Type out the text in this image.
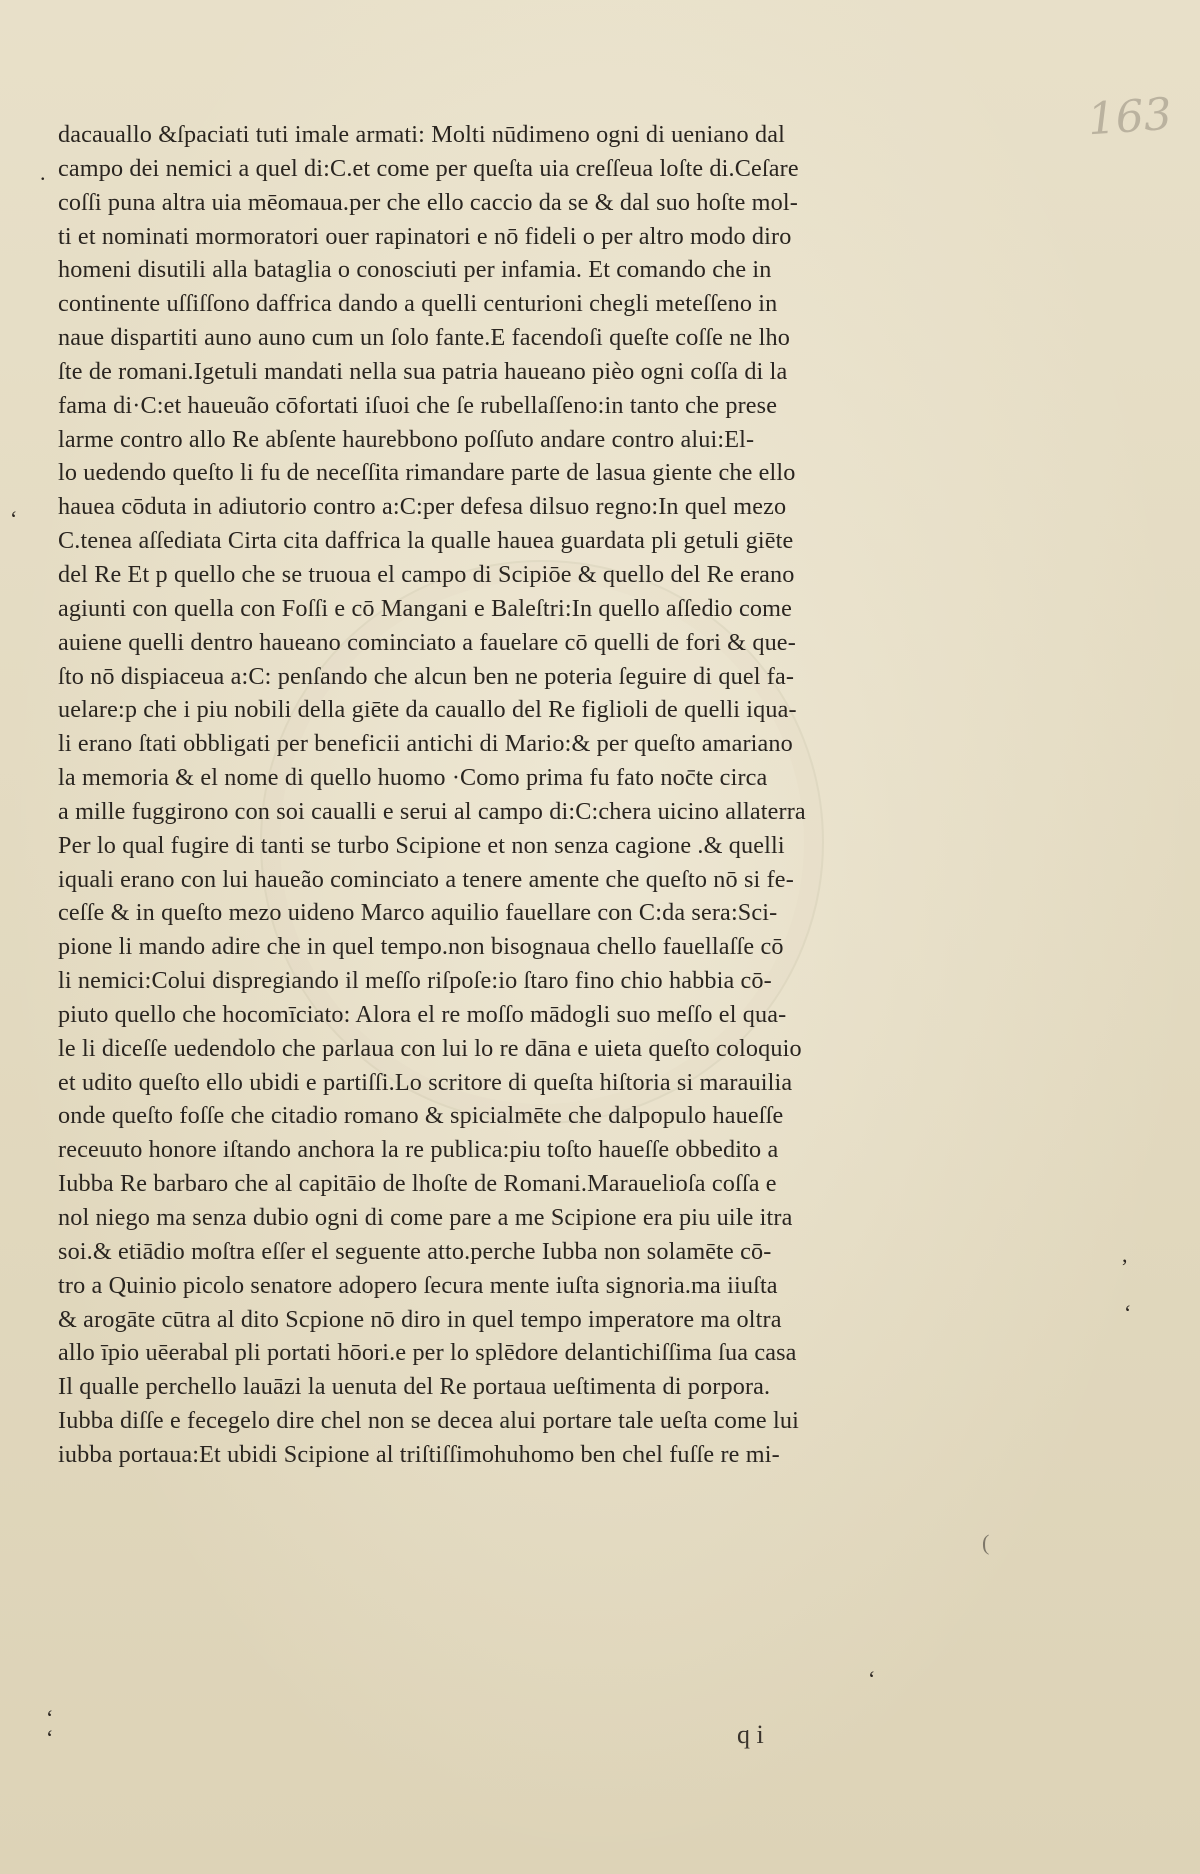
163
.
‘
‘
‘
,
‘
(
‘
dacauallo &ſpaciati tuti imale armati: Molti nūdimeno ogni di ueniano dal
campo dei nemici a quel di:C.et come per queſta uia creſſeua loſte di.Ceſare
coſſi puna altra uia mēomaua.per che ello caccio da se & dal suo hoſte mol-
ti et nominati mormoratori ouer rapinatori e nō fideli o per altro modo diro
homeni disutili alla bataglia o conosciuti per infamia. Et comando che in
continente uſſiſſono daffrica dando a quelli centurioni chegli meteſſeno in
naue dispartiti auno auno cum un ſolo fante.E facendoſi queſte coſſe ne lho
ſte de romani.Igetuli mandati nella sua patria haueano pièo ogni coſſa di la
fama di·C:et haueuão cōfortati iſuoi che ſe rubellaſſeno:in tanto che prese
larme contro allo Re abſente haurebbono poſſuto andare contro alui:El-
lo uedendo queſto li fu de neceſſita rimandare parte de lasua giente che ello
hauea cōduta in adiutorio contro a:C:per defesa dilsuo regno:In quel mezo
C.tenea aſſediata Cirta cita daffrica la qualle hauea guardata pli getuli giēte
del Re Et p quello che se truoua el campo di Scipiōe & quello del Re erano
agiunti con quella con Foſſi e cō Mangani e Baleſtri:In quello aſſedio come
auiene quelli dentro haueano cominciato a fauelare cō quelli de fori & que-
ſto nō dispiaceua a:C: penſando che alcun ben ne poteria ſeguire di quel fa-
uelare:p che i piu nobili della giēte da cauallo del Re figlioli de quelli iqua-
li erano ſtati obbligati per beneficii antichi di Mario:& per queſto amariano
la memoria & el nome di quello huomo ·Como prima fu fato noc̄te circa
a mille fuggirono con soi caualli e serui al campo di:C:chera uicino allaterra
Per lo qual fugire di tanti se turbo Scipione et non senza cagione .& quelli
iquali erano con lui haueão cominciato a tenere amente che queſto nō si fe-
ceſſe & in queſto mezo uideno Marco aquilio fauellare con C:da sera:Sci-
pione li mando adire che in quel tempo.non bisognaua chello fauellaſſe cō
li nemici:Colui dispregiando il meſſo riſpoſe:io ſtaro fino chio habbia cō-
piuto quello che hocomīciato: Alora el re moſſo mādogli suo meſſo el qua-
le li diceſſe uedendolo che parlaua con lui lo re dāna e uieta queſto coloquio
et udito queſto ello ubidi e partiſſi.Lo scritore di queſta hiſtoria si marauilia
onde queſto foſſe che citadio romano & spicialmēte che dalpopulo haueſſe
receuuto honore iſtando anchora la re publica:piu toſto haueſſe obbedito a
Iubba Re barbaro che al capitāio de lhoſte de Romani.Marauelioſa coſſa e
nol niego ma senza dubio ogni di come pare a me Scipione era piu uile itra
soi.& etiādio moſtra eſſer el seguente atto.perche Iubba non solamēte cō-
tro a Quinio picolo senatore adopero ſecura mente iuſta signoria.ma iiuſta
& arogāte cūtra al dito Scpione nō diro in quel tempo imperatore ma oltra
allo īpio uēerabal pli portati hōori.e per lo splēdore delantichiſſima ſua casa
Il qualle perchello lauāzi la uenuta del Re portaua ueſtimenta di porpora.
Iubba diſſe e fecegelo dire chel non se decea alui portare tale ueſta come lui
iubba portaua:Et ubidi Scipione al triſtiſſimohuhomo ben chel fuſſe re mi-
q i
